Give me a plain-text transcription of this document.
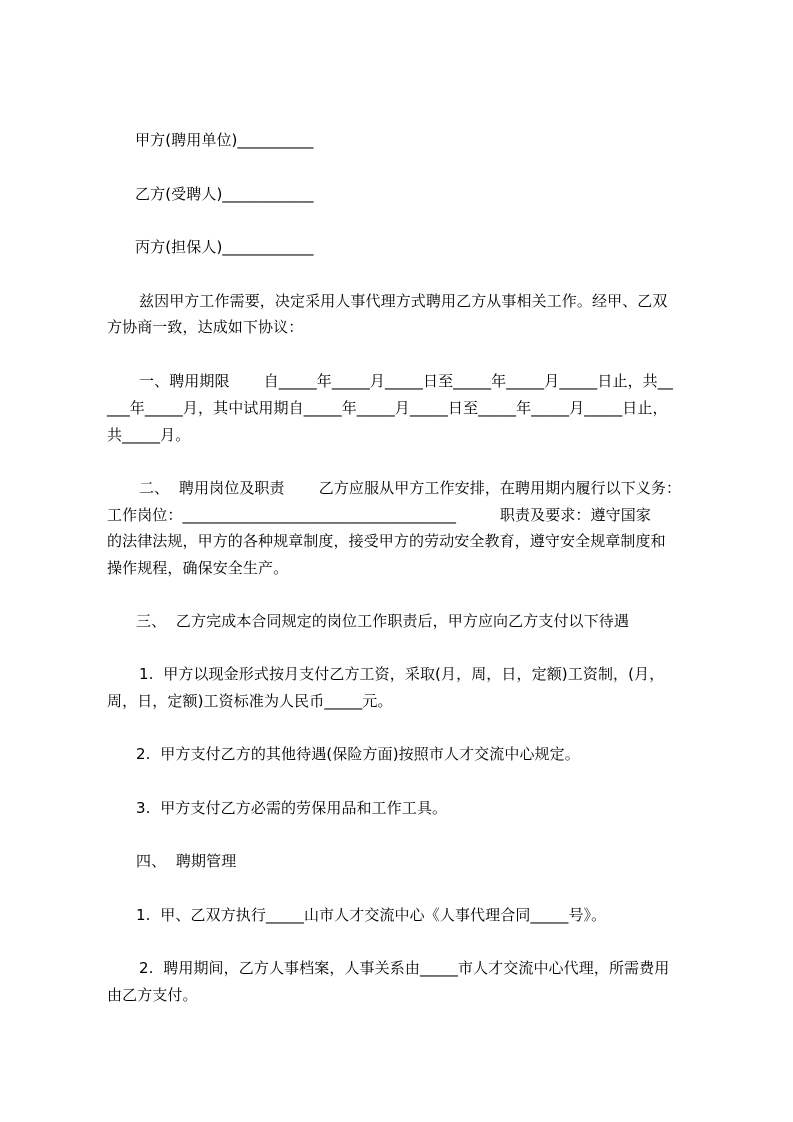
甲方(聘用单位)__________
乙方(受聘人)____________
丙方(担保人)____________
兹因甲方工作需要，决定采用人事代理方式聘用乙方从事相关工作。经甲、乙双
方协商一致，达成如下协议：
一、聘用期限       自_____年_____月_____日至_____年_____月_____日止，共__
___年_____月，其中试用期自_____年_____月_____日至_____年_____月_____日止，
共_____月。
二、  聘用岗位及职责       乙方应服从甲方工作安排，在聘用期内履行以下义务：
工作岗位：____________________________________         职责及要求：遵守国家
的法律法规，甲方的各种规章制度，接受甲方的劳动安全教育，遵守安全规章制度和
操作规程，确保安全生产。
三、  乙方完成本合同规定的岗位工作职责后，甲方应向乙方支付以下待遇
1.  甲方以现金形式按月支付乙方工资，采取(月，周，日，定额)工资制，(月，
周，日，定额)工资标准为人民币_____元。
2.  甲方支付乙方的其他待遇(保险方面)按照市人才交流中心规定。
3.  甲方支付乙方必需的劳保用品和工作工具。
四、  聘期管理
1.  甲、乙双方执行_____山市人才交流中心《人事代理合同_____号》。
2.  聘用期间，乙方人事档案，人事关系由_____市人才交流中心代理，所需费用
由乙方支付。
